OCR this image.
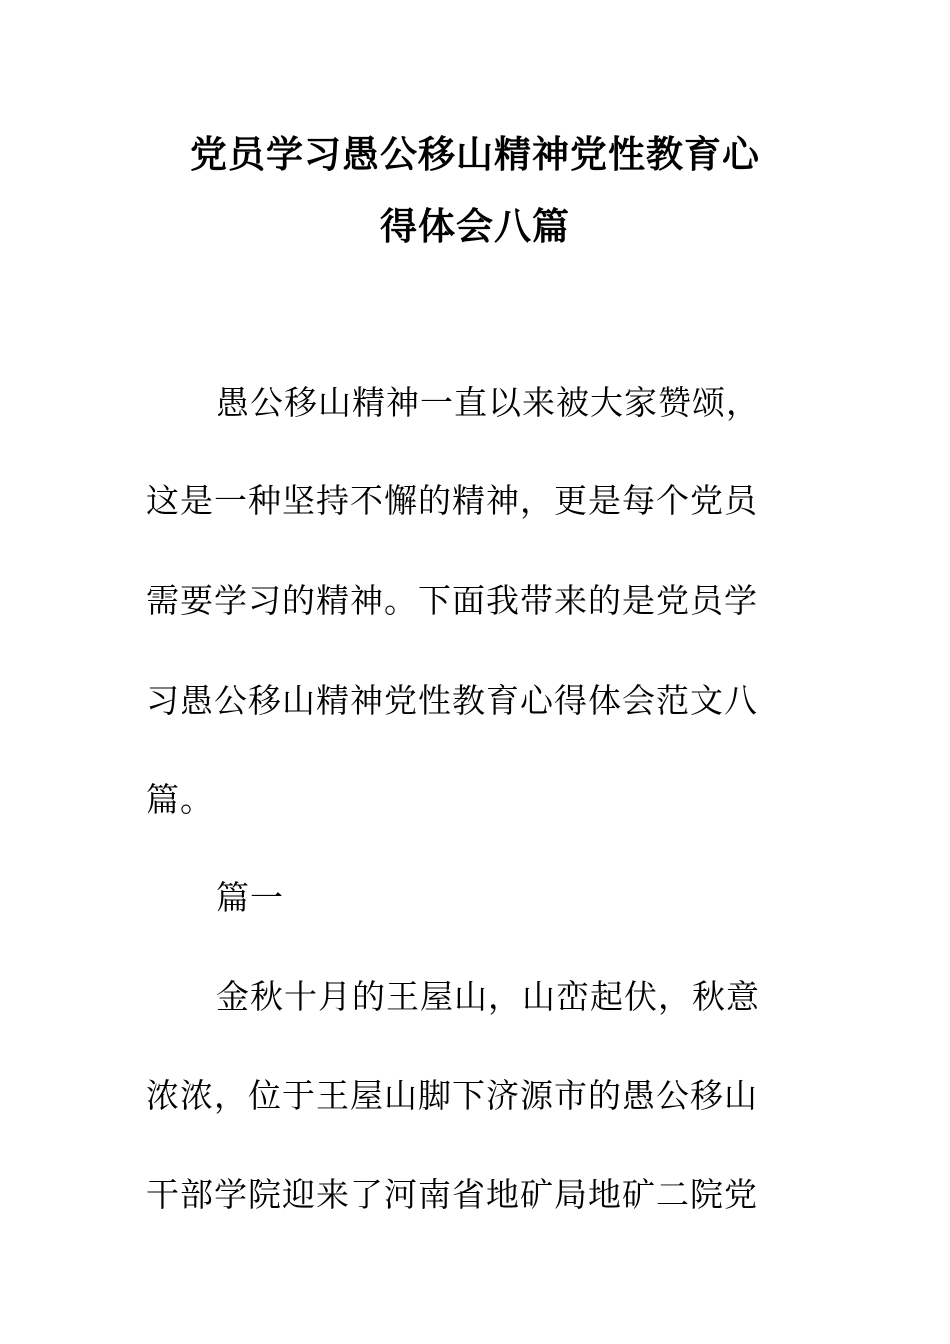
党员学习愚公移山精神党性教育心
得体会八篇
愚公移山精神一直以来被大家赞颂，
这是一种坚持不懈的精神，更是每个党员
需要学习的精神。下面我带来的是党员学
习愚公移山精神党性教育心得体会范文八
篇。
篇一
金秋十月的王屋山，山峦起伏，秋意
浓浓，位于王屋山脚下济源市的愚公移山
干部学院迎来了河南省地矿局地矿二院党
